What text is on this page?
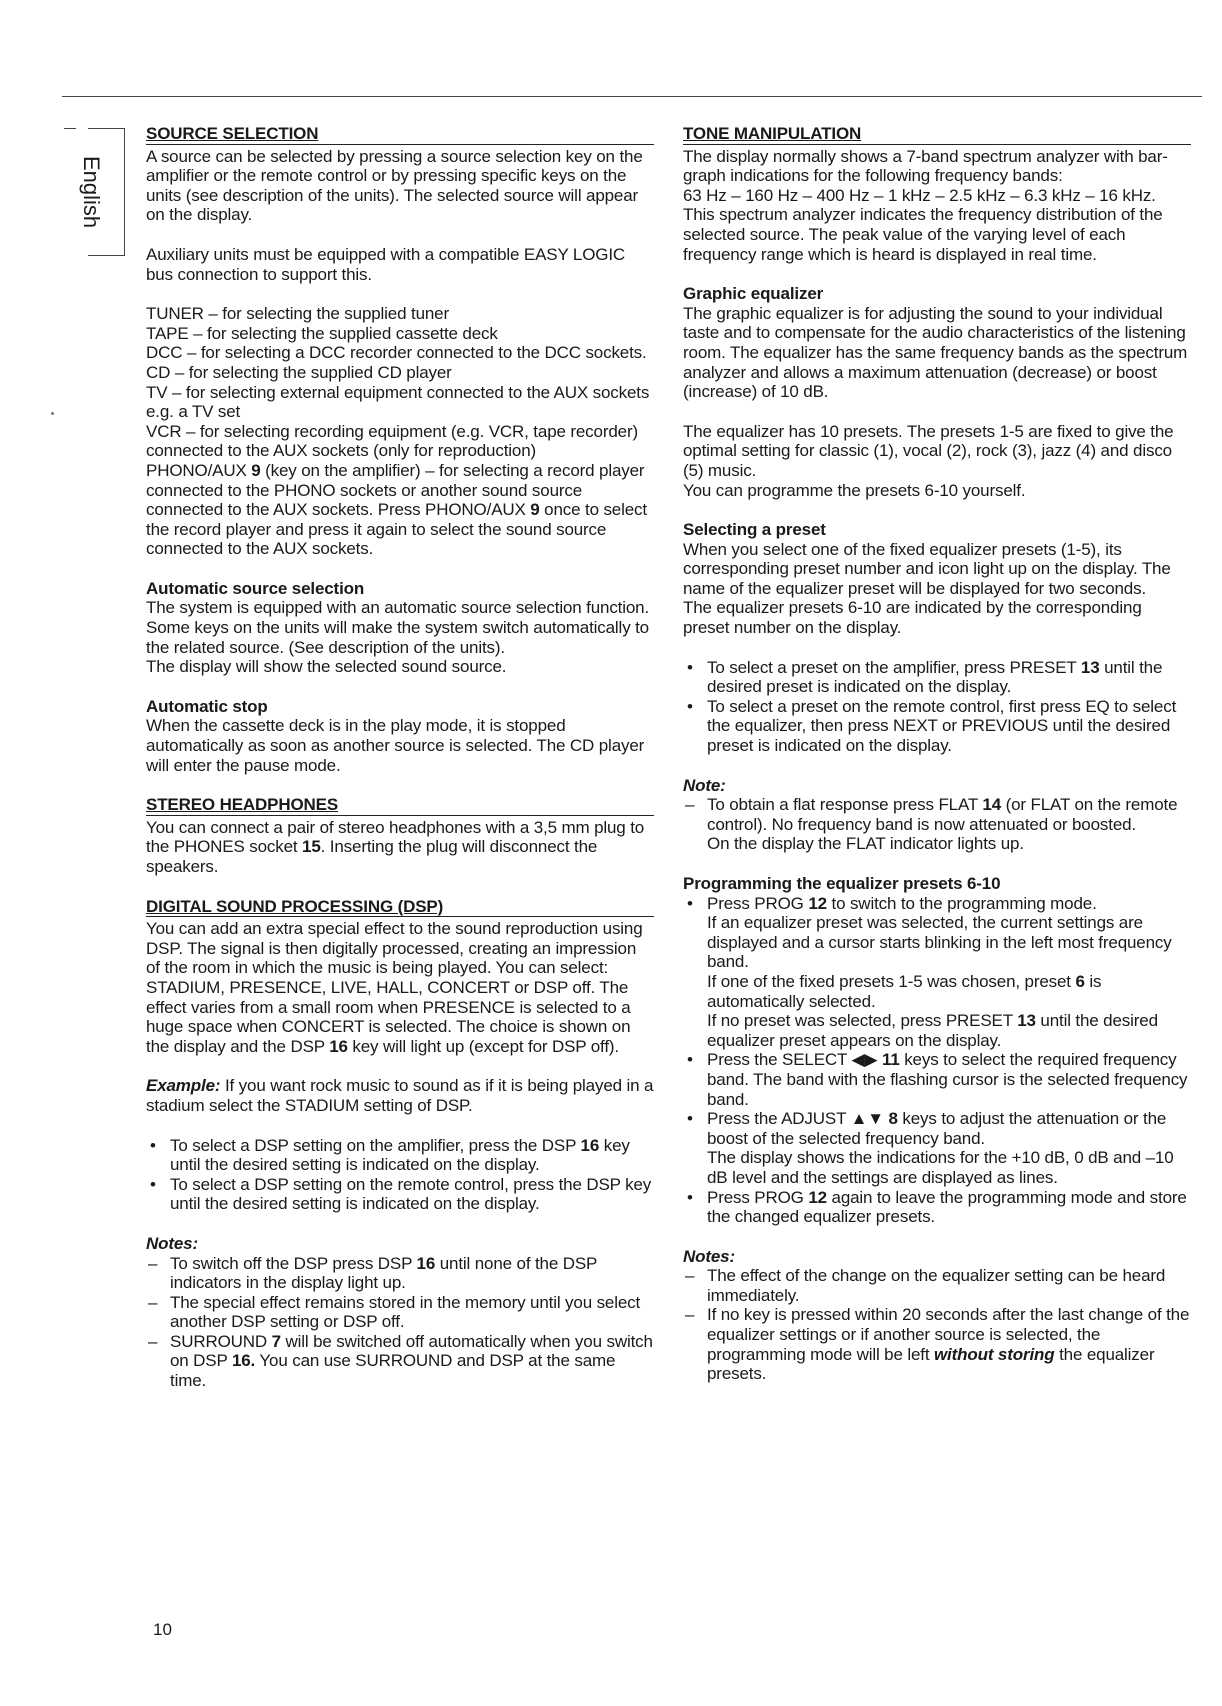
English
SOURCE SELECTION

A source can be selected by pressing a source selection key on the amplifier or the remote control or by pressing specific keys on the units (see description of the units). The selected source will appear on the display.

Auxiliary units must be equipped with a compatible EASY LOGIC bus connection to support this.

TUNER – for selecting the supplied tuner
TAPE – for selecting the supplied cassette deck
DCC – for selecting a DCC recorder connected to the DCC sockets.
CD – for selecting the supplied CD player
TV – for selecting external equipment connected to the AUX sockets e.g. a TV set
VCR – for selecting recording equipment (e.g. VCR, tape recorder) connected to the AUX sockets (only for reproduction)
PHONO/AUX 9 (key on the amplifier) – for selecting a record player connected to the PHONO sockets or another sound source connected to the AUX sockets. Press PHONO/AUX 9 once to select the record player and press it again to select the sound source connected to the AUX sockets.
Automatic source selection

The system is equipped with an automatic source selection function. Some keys on the units will make the system switch automatically to the related source. (See description of the units).

The display will show the selected sound source.

Automatic stop

When the cassette deck is in the play mode, it is stopped automatically as soon as another source is selected. The CD player will enter the pause mode.

STEREO HEADPHONES

You can connect a pair of stereo headphones with a 3,5 mm plug to the PHONES socket 15. Inserting the plug will disconnect the speakers.

DIGITAL SOUND PROCESSING (DSP)

You can add an extra special effect to the sound reproduction using DSP. The signal is then digitally processed, creating an impression of the room in which the music is being played. You can select: STADIUM, PRESENCE, LIVE, HALL, CONCERT or DSP off. The effect varies from a small room when PRESENCE is selected to a huge space when CONCERT is selected. The choice is shown on the display and the DSP 16 key will light up (except for DSP off).

Example: If you want rock music to sound as if it is being played in a stadium select the STADIUM setting of DSP.

• To select a DSP setting on the amplifier, press the DSP 16 key until the desired setting is indicated on the display.
• To select a DSP setting on the remote control, press the DSP key until the desired setting is indicated on the display.
Notes:
– To switch off the DSP press DSP 16 until none of the DSP indicators in the display light up.
– The special effect remains stored in the memory until you select another DSP setting or DSP off.
– SURROUND 7 will be switched off automatically when you switch on DSP 16. You can use SURROUND and DSP at the same time.
TONE MANIPULATION
The display normally shows a 7-band spectrum analyzer with bar-graph indications for the following frequency bands:
63 Hz – 160 Hz – 400 Hz – 1 kHz – 2.5 kHz – 6.3 kHz – 16 kHz.

This spectrum analyzer indicates the frequency distribution of the selected source. The peak value of the varying level of each frequency range which is heard is displayed in real time.

Graphic equalizer

The graphic equalizer is for adjusting the sound to your individual taste and to compensate for the audio characteristics of the listening room. The equalizer has the same frequency bands as the spectrum analyzer and allows a maximum attenuation (decrease) or boost (increase) of 10 dB.

The equalizer has 10 presets. The presets 1-5 are fixed to give the optimal setting for classic (1), vocal (2), rock (3), jazz (4) and disco (5) music.

You can programme the presets 6-10 yourself.

Selecting a preset

When you select one of the fixed equalizer presets (1-5), its corresponding preset number and icon light up on the display. The name of the equalizer preset will be displayed for two seconds.

The equalizer presets 6-10 are indicated by the corresponding preset number on the display.

• To select a preset on the amplifier, press PRESET 13 until the desired preset is indicated on the display.
• To select a preset on the remote control, first press EQ to select the equalizer, then press NEXT or PREVIOUS until the desired preset is indicated on the display.
Note:
– To obtain a flat response press FLAT 14 (or FLAT on the remote control). No frequency band is now attenuated or boosted.
On the display the FLAT indicator lights up.
Programming the equalizer presets 6-10
• Press PROG 12 to switch to the programming mode.
If an equalizer preset was selected, the current settings are displayed and a cursor starts blinking in the left most frequency band.
If one of the fixed presets 1-5 was chosen, preset 6 is automatically selected.
If no preset was selected, press PRESET 13 until the desired equalizer preset appears on the display.
• Press the SELECT ◀▶ 11 keys to select the required frequency band. The band with the flashing cursor is the selected frequency band.
• Press the ADJUST ▲▼ 8 keys to adjust the attenuation or the boost of the selected frequency band.
The display shows the indications for the +10 dB, 0 dB and –10 dB level and the settings are displayed as lines.
• Press PROG 12 again to leave the programming mode and store the changed equalizer presets.
Notes:
– The effect of the change on the equalizer setting can be heard immediately.
– If no key is pressed within 20 seconds after the last change of the equalizer settings or if another source is selected, the programming mode will be left without storing the equalizer presets.
10
